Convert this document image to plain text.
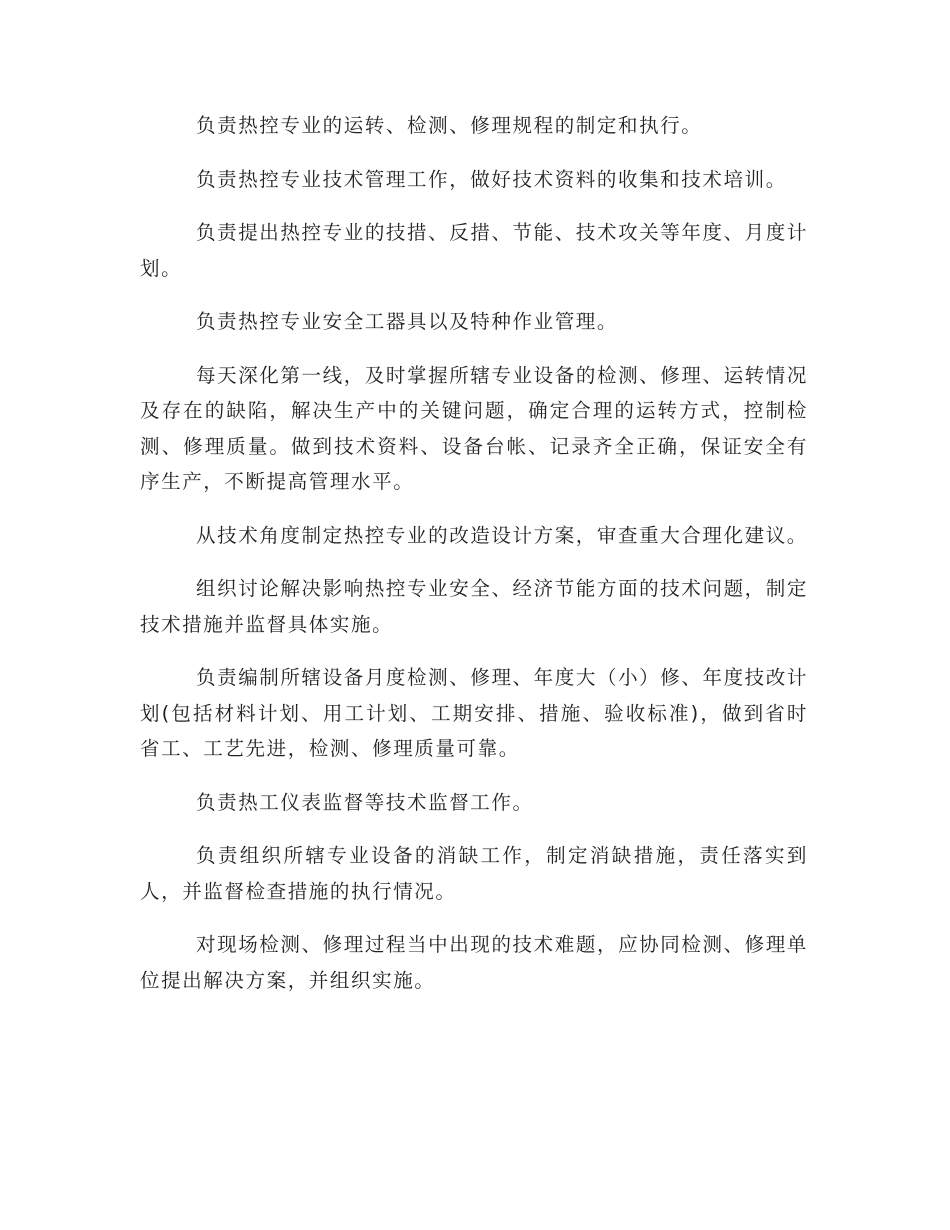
负责热控专业的运转、检测、修理规程的制定和执行。

负责热控专业技术管理工作，做好技术资料的收集和技术培训。

负责提出热控专业的技措、反措、节能、技术攻关等年度、月度计划。

负责热控专业安全工器具以及特种作业管理。

每天深化第一线，及时掌握所辖专业设备的检测、修理、运转情况及存在的缺陷，解决生产中的关键问题，确定合理的运转方式，控制检测、修理质量。做到技术资料、设备台帐、记录齐全正确，保证安全有序生产，不断提高管理水平。

从技术角度制定热控专业的改造设计方案，审查重大合理化建议。

组织讨论解决影响热控专业安全、经济节能方面的技术问题，制定技术措施并监督具体实施。

负责编制所辖设备月度检测、修理、年度大（小）修、年度技改计划(包括材料计划、用工计划、工期安排、措施、验收标准)，做到省时省工、工艺先进，检测、修理质量可靠。

负责热工仪表监督等技术监督工作。

负责组织所辖专业设备的消缺工作，制定消缺措施，责任落实到人，并监督检查措施的执行情况。

对现场检测、修理过程当中出现的技术难题，应协同检测、修理单位提出解决方案，并组织实施。
